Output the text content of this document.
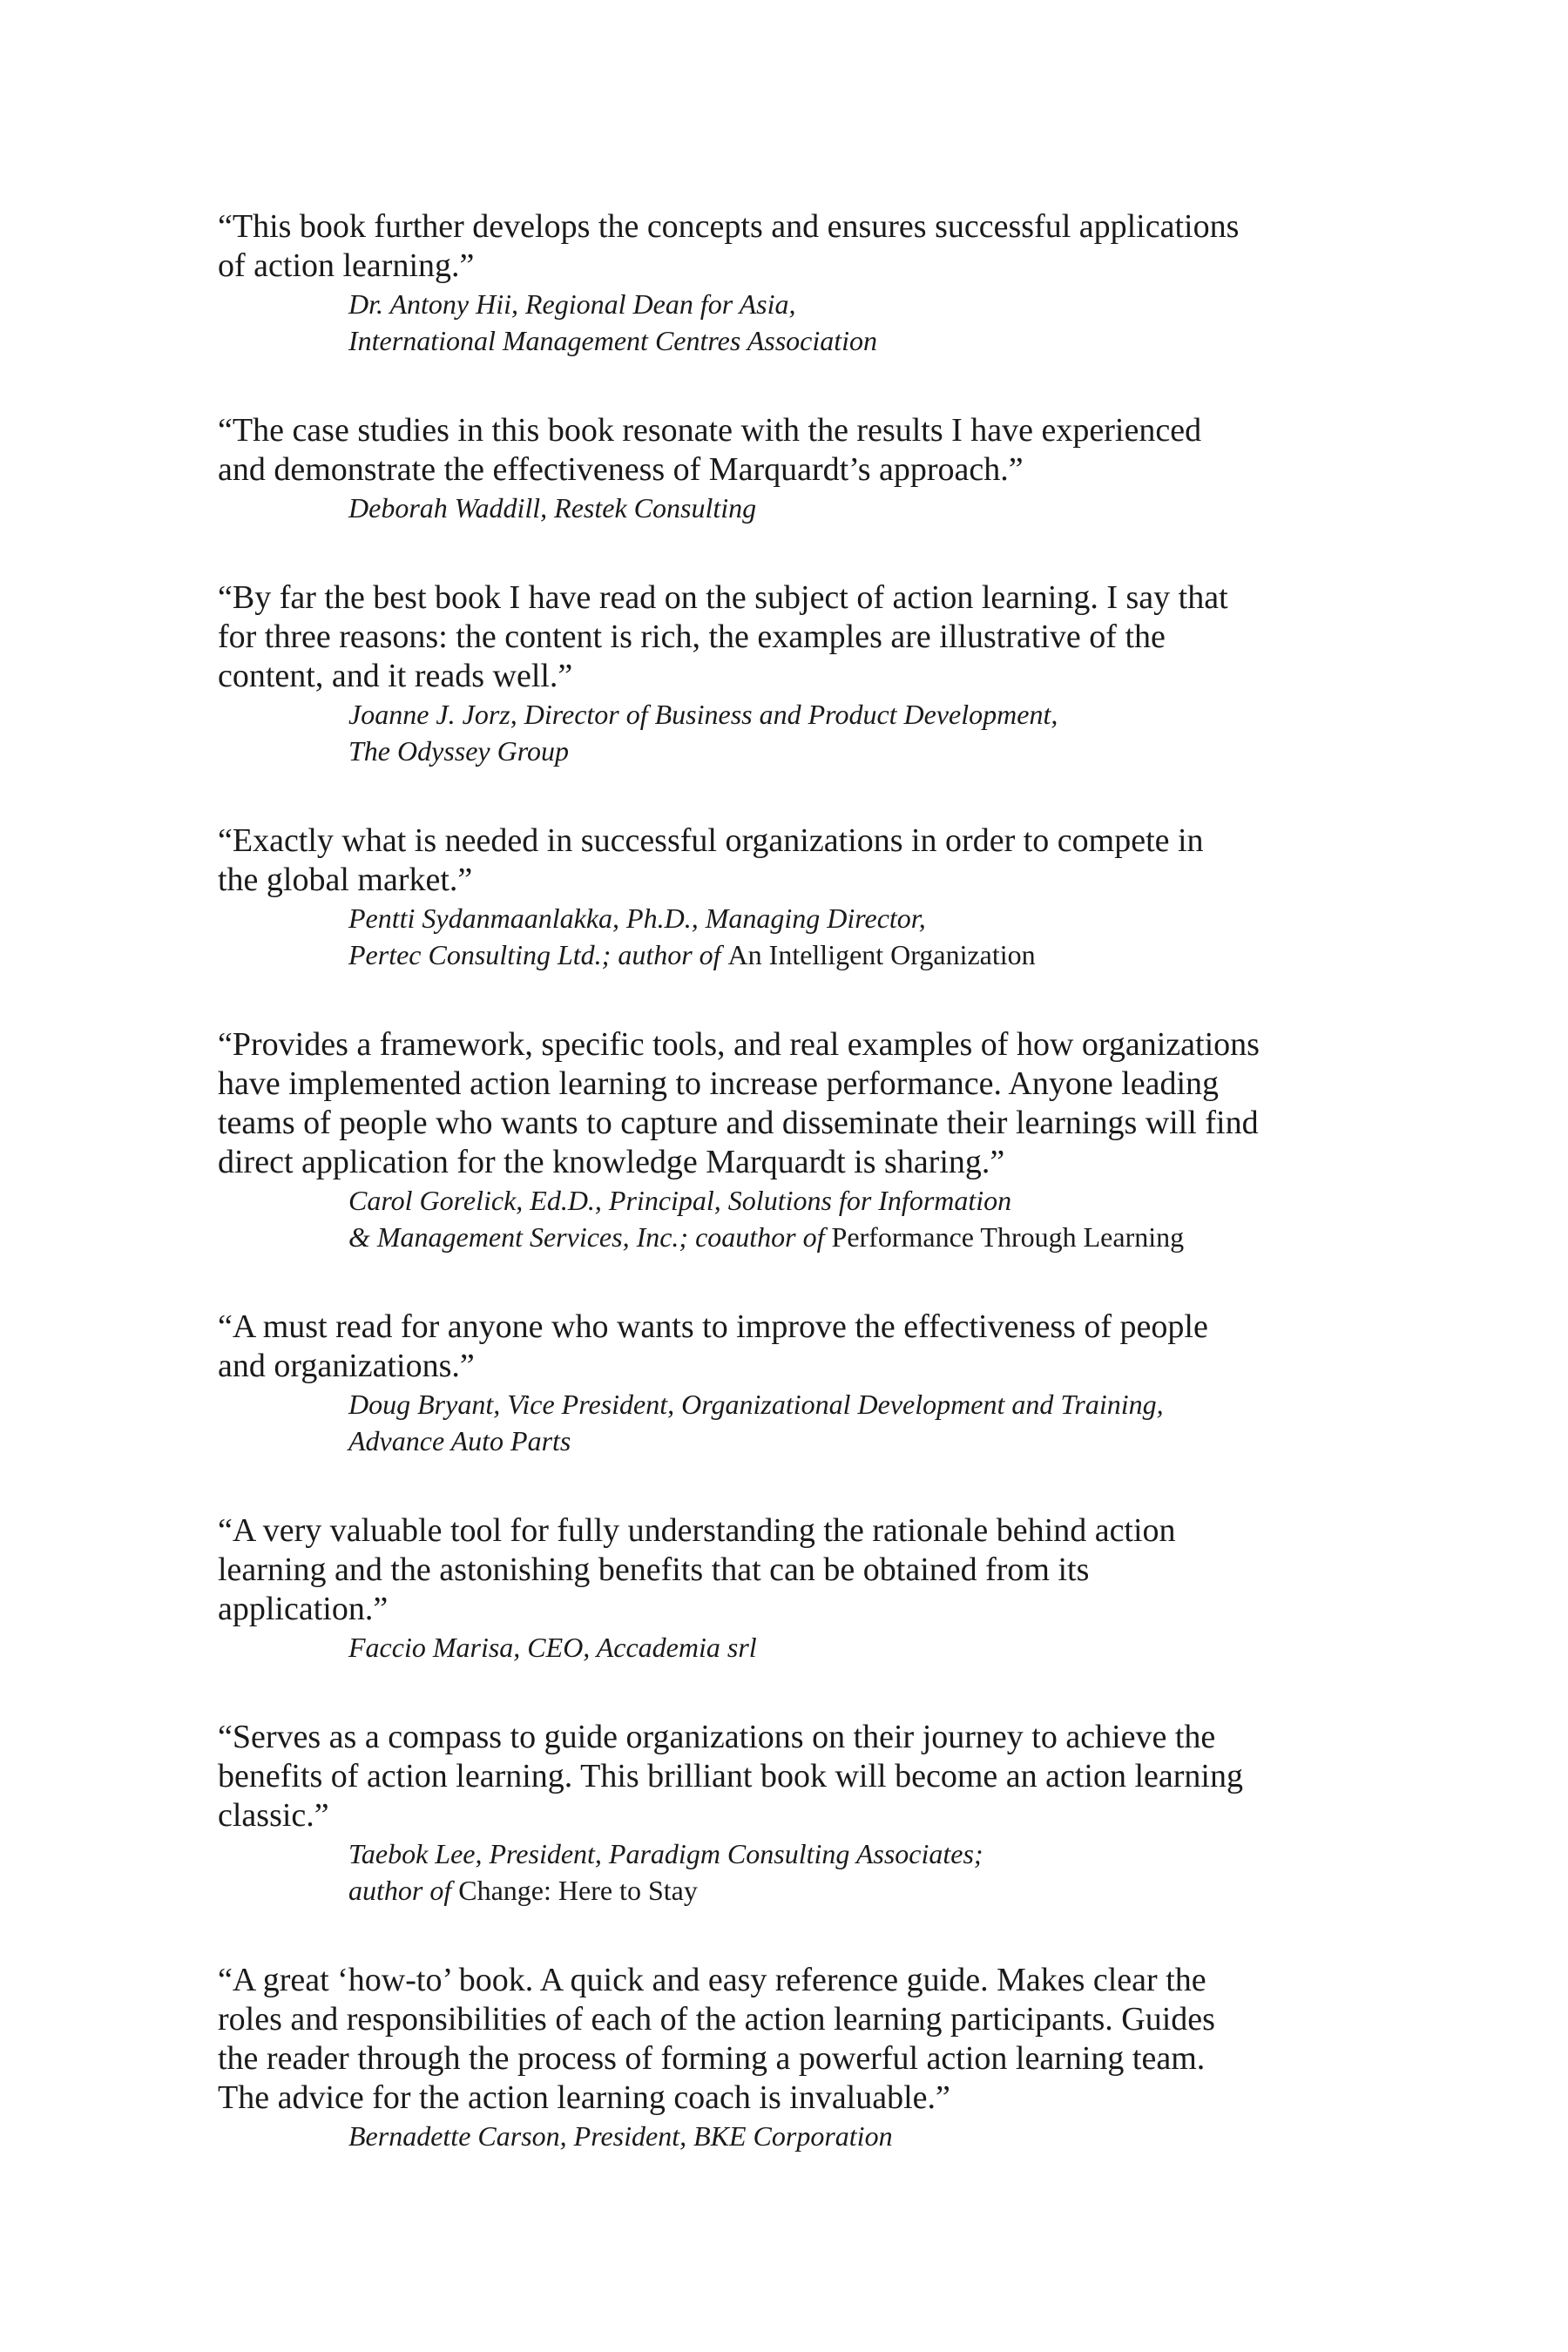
“This book further develops the concepts and ensures successful applications
of action learning.”
Dr. Antony Hii, Regional Dean for Asia,
International Management Centres Association
“The case studies in this book resonate with the results I have experienced
and demonstrate the effectiveness of Marquardt’s approach.”
Deborah Waddill, Restek Consulting
“By far the best book I have read on the subject of action learning. I say that
for three reasons: the content is rich, the examples are illustrative of the
content, and it reads well.”
Joanne J. Jorz, Director of Business and Product Development,
The Odyssey Group
“Exactly what is needed in successful organizations in order to compete in
the global market.”
Pentti Sydanmaanlakka, Ph.D., Managing Director,
Pertec Consulting Ltd.; author of An Intelligent Organization
“Provides a framework, specific tools, and real examples of how organizations
have implemented action learning to increase performance. Anyone leading
teams of people who wants to capture and disseminate their learnings will find
direct application for the knowledge Marquardt is sharing.”
Carol Gorelick, Ed.D., Principal, Solutions for Information
& Management Services, Inc.; coauthor of Performance Through Learning
“A must read for anyone who wants to improve the effectiveness of people
and organizations.”
Doug Bryant, Vice President, Organizational Development and Training,
Advance Auto Parts
“A very valuable tool for fully understanding the rationale behind action
learning and the astonishing benefits that can be obtained from its
application.”
Faccio Marisa, CEO, Accademia srl
“Serves as a compass to guide organizations on their journey to achieve the
benefits of action learning. This brilliant book will become an action learning
classic.”
Taebok Lee, President, Paradigm Consulting Associates;
author of Change: Here to Stay
“A great ‘how-to’ book. A quick and easy reference guide. Makes clear the
roles and responsibilities of each of the action learning participants. Guides
the reader through the process of forming a powerful action learning team.
The advice for the action learning coach is invaluable.”
Bernadette Carson, President, BKE Corporation
